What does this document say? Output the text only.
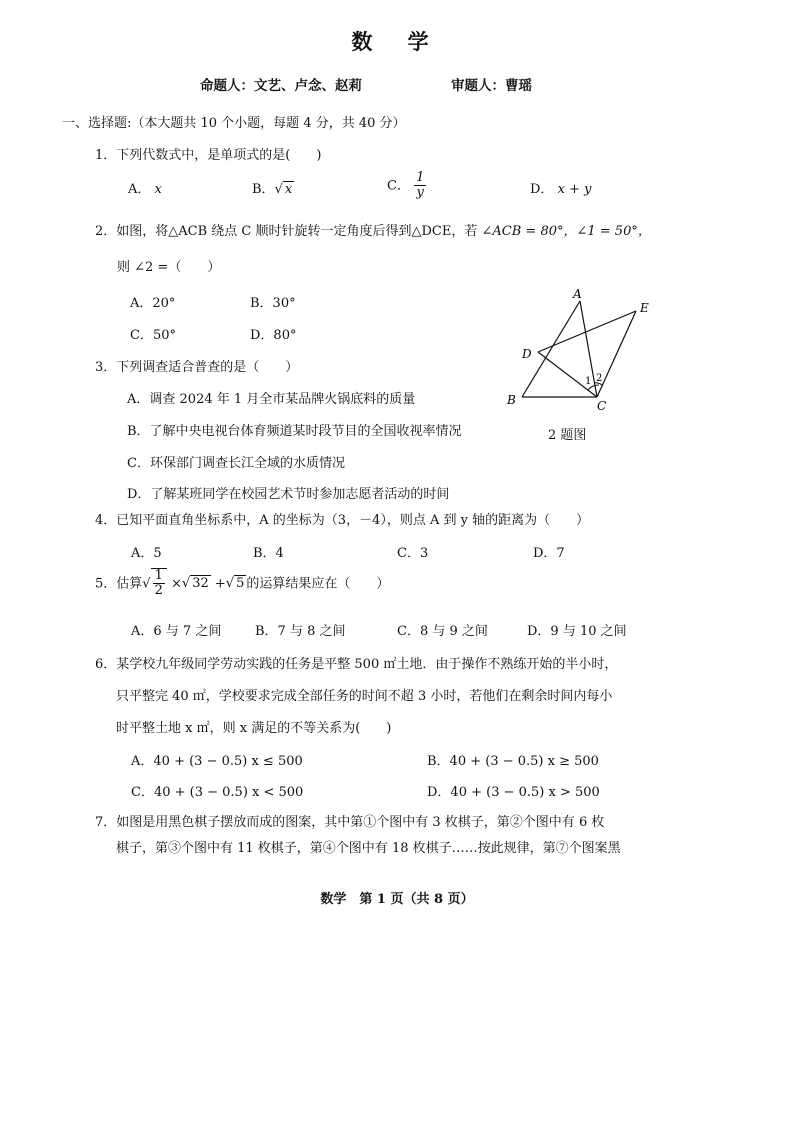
数 学
命题人：文艺、卢念、赵莉	审题人：曹瑶
一、选择题:（本大题共 10 个小题，每题 4 分，共 40 分）
1．下列代数式中，是单项式的是(　　)
A． x	B．√ x	C． $\frac{1}{y}$	D． x + y
2．如图，将△ACB 绕点 C 顺时针旋转一定角度后得到△DCE，若 ∠ACB = 80°，∠1 = 50°，
则 ∠2 =（　　）
A．20°	B．30°
C．50°	D．80°
3．下列调查适合普查的是（　　）
A．调查 2024 年 1 月全市某品牌火锅底料的质量
B．了解中央电视台体育频道某时段节目的全国收视率情况
C．环保部门调查长江全域的水质情况
D．了解某班同学在校园艺术节时参加志愿者活动的时间
A
B	C
D
E
1 2
2 题图
4．已知平面直角坐标系中，A 的坐标为（3，－4），则点 A 到 y 轴的距离为（　　）
A．5	B．4	C．3	D．7
5．估算√ $\frac{1}{2}$ ×√ 32 +√ 5 的运算结果应在（　　）
A．6 与 7 之间	B．7 与 8 之间	C．8 与 9 之间	D．9 与 10 之间
6．某学校九年级同学劳动实践的任务是平整 500 ㎡土地．由于操作不熟练开始的半小时，
只平整完 40 ㎡，学校要求完成全部任务的时间不超 3 小时，若他们在剩余时间内每小
时平整土地 x ㎡，则 x 满足的不等关系为(　　)
A．40 + (3 − 0.5) x ≤ 500	B．40 + (3 − 0.5) x ≥ 500
C．40 + (3 − 0.5) x < 500	D．40 + (3 − 0.5) x > 500
7．如图是用黑色棋子摆放而成的图案，其中第①个图中有 3 枚棋子，第②个图中有 6 枚
棋子，第③个图中有 11 枚棋子，第④个图中有 18 枚棋子……按此规律，第⑦个图案黑
数学　第 1 页（共 8 页）
